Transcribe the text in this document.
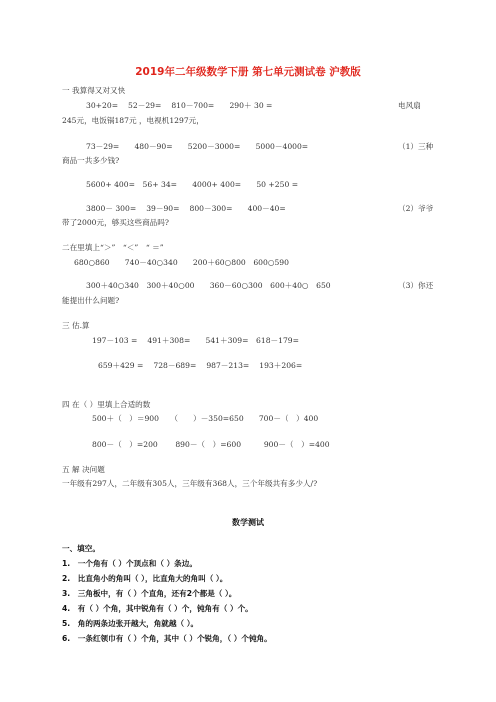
2019年二年级数学下册 第七单元测试卷 沪教版
一 我算得又对又快
30+20=　 52－29=　 810－700=　　290＋ 30 =	电风扇
245元，电饭锅187元 ，电视机1297元，
73－29=　　480－90=　　5200－3000=　　5000－4000=	（1）三种
商品一共多少钱?
5600+ 400=　56+ 34=　　4000+ 400=　　50 +250 =
3800－ 300=　 39－90=　 800－300=　　400－40=	（2）爷爷
带了2000元，够买这些商品吗?
二在里填上“＞”　“＜”　“ ＝”
680○860　　740－40○340　　200＋60○800　600○590
300＋40○340　300＋40○00　　360－60○300　600＋40○　650	（3）你还
能提出什么问题?
三 估.算
197－103 =　 491＋308=　　541＋309=　618－179=
659＋429 =　 728－689=　 987－213=　 193＋206=
四 在（ ）里填上合适的数
500＋（　）＝900　　（　　）－350=650　　700－（　）400
800－（　）=200　　 890－（　）=600　　　900－（　）=400
五 解 决问题
一年级有297人，二年级有305人，三年级有368人，三个年级共有多少人/?
数学测试
一、填空。
1.　一个角有（ ）个顶点和（ ）条边。
2.　比直角小的角叫（ ），比直角大的角叫（ ）。
3.　三角板中，有（ ）个直角，还有2个都是（ ）。
4.　有（ ）个角，其中锐角有（ ）个，钝角有（ ）个。
5.　角的两条边张开越大，角就越（ ）。
6.　一条红领巾有（ ）个角，其中（ ）个锐角，（ ）个钝角。
